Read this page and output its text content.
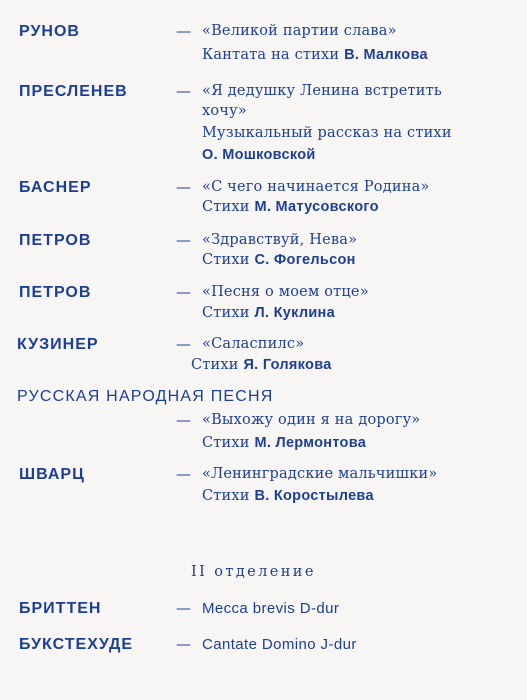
РУНОВ	— «Великой партии слава»
Кантата на стихи В. Малкова
ПРЕСЛЕНЕВ	— «Я дедушку Ленина встретить
хочу»
Музыкальный рассказ на стихи
О. Мошковской
БАСНЕР	— «С чего начинается Родина»
Стихи М. Матусовского
ПЕТРОВ	— «Здравствуй, Нева»
Стихи С. Фогельсон
ПЕТРОВ	— «Песня о моем отце»
Стихи Л. Куклина
КУЗИНЕР	— «Саласпилс»
Стихи Я. Голякова
РУССКАЯ НАРОДНАЯ ПЕСНЯ
— «Выхожу один я на дорогу»
Стихи М. Лермонтова
ШВАРЦ	— «Ленинградские мальчишки»
Стихи В. Коростылева
II отделение
БРИТТЕН	— Mecca brevis D-dur
БУКСТЕХУДЕ	— Cantate Domino J-dur
